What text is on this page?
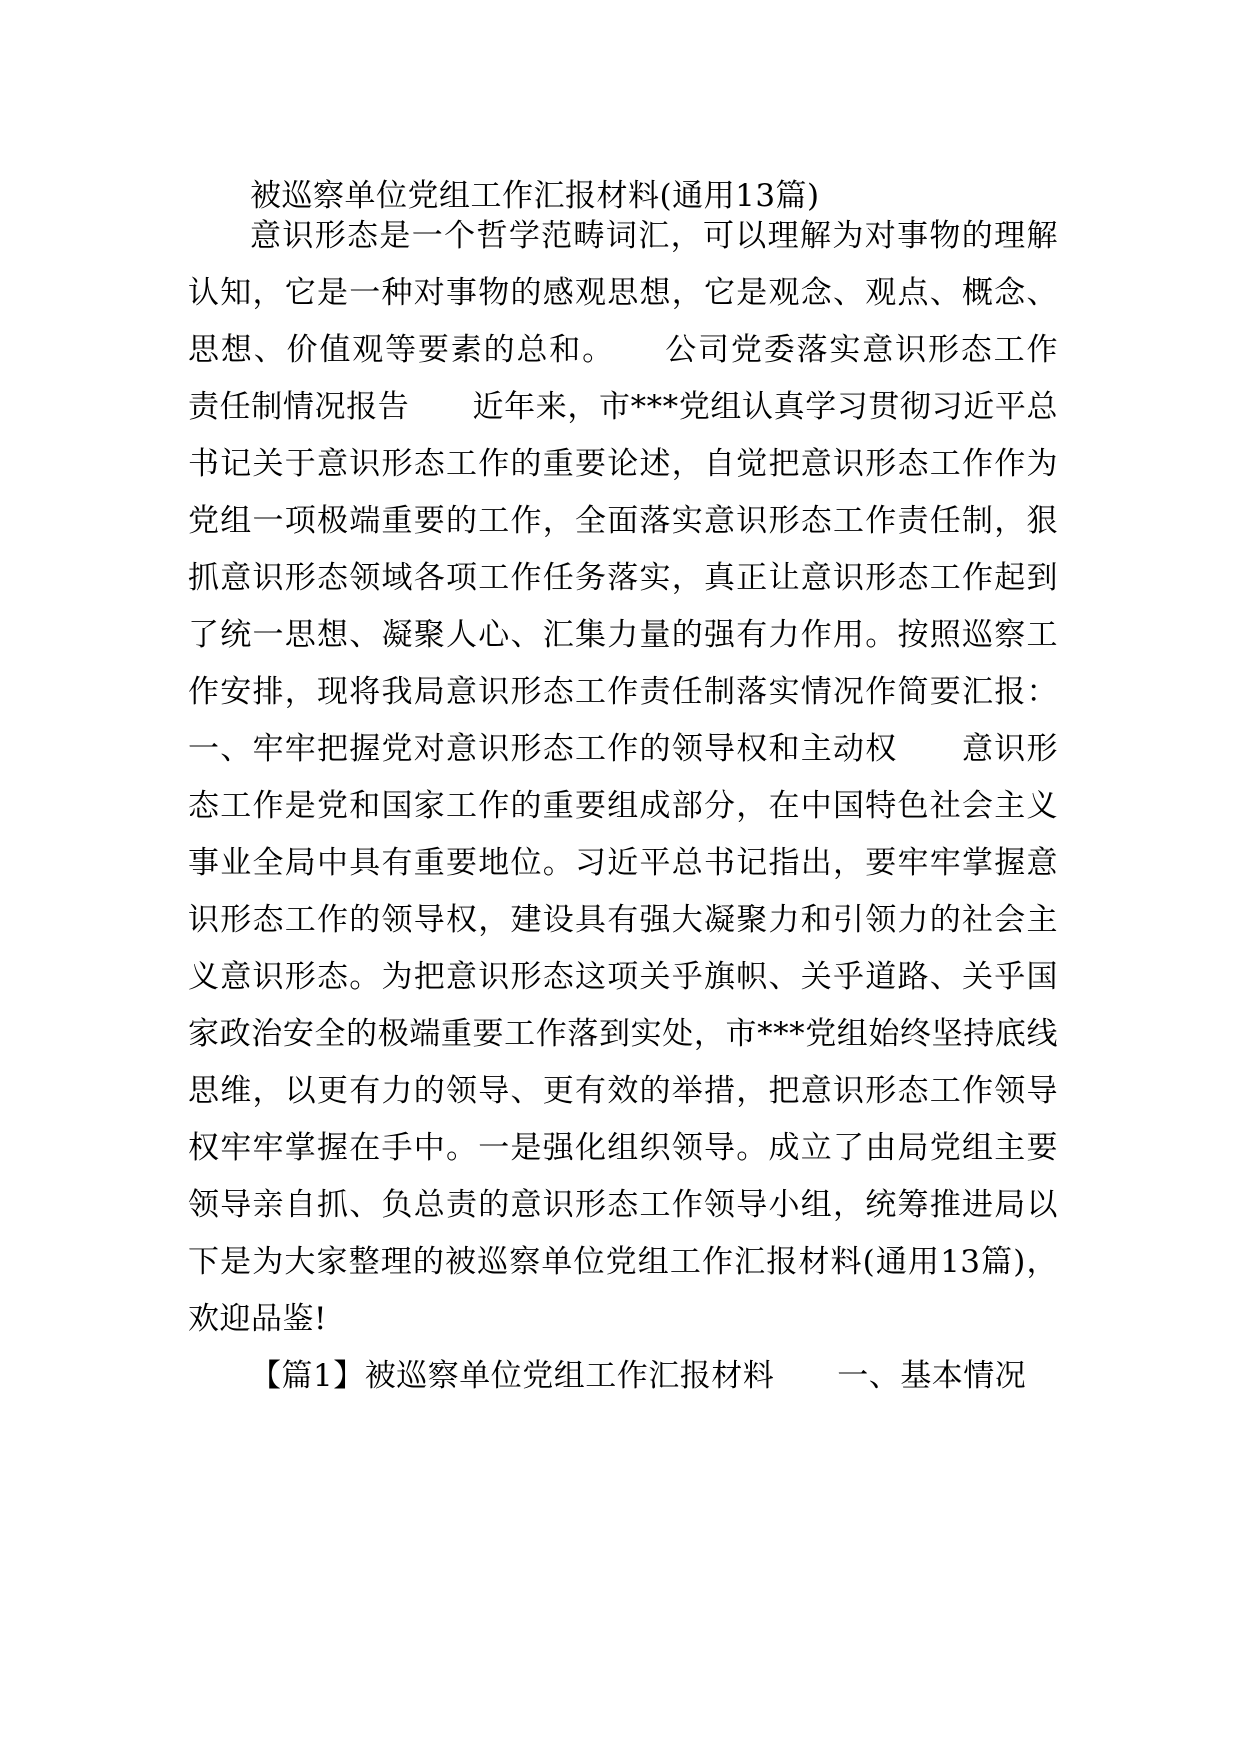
被巡察单位党组工作汇报材料(通用13篇)
意识形态是一个哲学范畴词汇，可以理解为对事物的理解
认知，它是一种对事物的感观思想，它是观念、观点、概念、
思想、价值观等要素的总和。　　公司党委落实意识形态工作
责任制情况报告　　近年来，市***党组认真学习贯彻习近平总
书记关于意识形态工作的重要论述，自觉把意识形态工作作为
党组一项极端重要的工作，全面落实意识形态工作责任制，狠
抓意识形态领域各项工作任务落实，真正让意识形态工作起到
了统一思想、凝聚人心、汇集力量的强有力作用。按照巡察工
作安排，现将我局意识形态工作责任制落实情况作简要汇报：
一、牢牢把握党对意识形态工作的领导权和主动权　　意识形
态工作是党和国家工作的重要组成部分，在中国特色社会主义
事业全局中具有重要地位。习近平总书记指出，要牢牢掌握意
识形态工作的领导权，建设具有强大凝聚力和引领力的社会主
义意识形态。为把意识形态这项关乎旗帜、关乎道路、关乎国
家政治安全的极端重要工作落到实处，市***党组始终坚持底线
思维，以更有力的领导、更有效的举措，把意识形态工作领导
权牢牢掌握在手中。一是强化组织领导。成立了由局党组主要
领导亲自抓、负总责的意识形态工作领导小组，统筹推进局以
下是为大家整理的被巡察单位党组工作汇报材料(通用13篇)，
欢迎品鉴!
【篇1】被巡察单位党组工作汇报材料　　一、基本情况
